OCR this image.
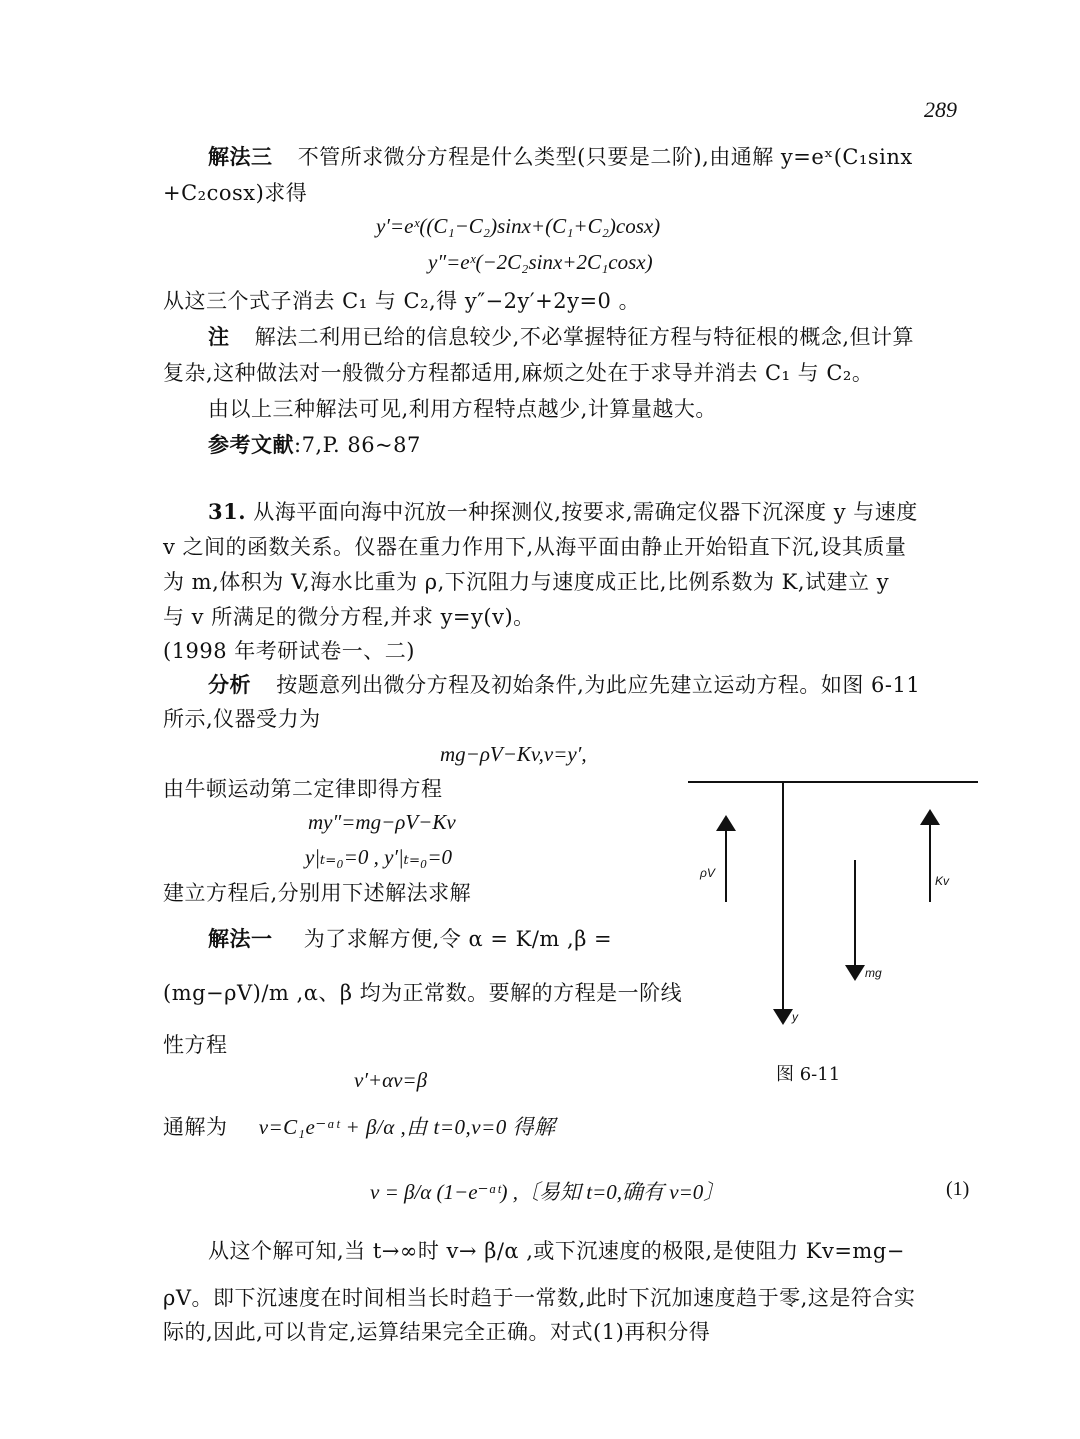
289
解法三 不管所求微分方程是什么类型(只要是二阶),由通解 y=eˣ(C₁sinx
+C₂cosx)求得
y′=eˣ((C₁−C₂)sinx+(C₁+C₂)cosx)
y″=eˣ(−2C₂sinx+2C₁cosx)
从这三个式子消去 C₁ 与 C₂,得 y″−2y′+2y=0 。
注 解法二利用已给的信息较少,不必掌握特征方程与特征根的概念,但计算
复杂,这种做法对一般微分方程都适用,麻烦之处在于求导并消去 C₁ 与 C₂。
由以上三种解法可见,利用方程特点越少,计算量越大。
参考文献:7,P. 86~87
31. 从海平面向海中沉放一种探测仪,按要求,需确定仪器下沉深度 y 与速度
v 之间的函数关系。仪器在重力作用下,从海平面由静止开始铅直下沉,设其质量
为 m,体积为 V,海水比重为 ρ,下沉阻力与速度成正比,比例系数为 K,试建立 y
与 v 所满足的微分方程,并求 y=y(v)。
(1998 年考研试卷一、二)
分析 按题意列出微分方程及初始条件,为此应先建立运动方程。如图 6-11
所示,仪器受力为
mg−ρV−Kv,v=y′,
由牛顿运动第二定律即得方程
my″=mg−ρV−Kv
y|ₜ₌₀=0 , y′|ₜ₌₀=0
建立方程后,分别用下述解法求解
解法一 为了求解方便,令 α = K/m ,β =
(mg−ρV)/m ,α、β 均为正常数。要解的方程是一阶线
性方程
v′+αv=β
通解为 v=C₁e⁻ᵅᵗ + β/α ,由 t=0,v=0 得解
v = β/α (1−e⁻ᵅᵗ) ,〔易知 t=0,确有 v=0〕	(1)
从这个解可知,当 t→∞时 v→ β/α ,或下沉速度的极限,是使阻力 Kv=mg−
ρV。即下沉速度在时间相当长时趋于一常数,此时下沉加速度趋于零,这是符合实
际的,因此,可以肯定,运算结果完全正确。对式(1)再积分得
ρV
Kv
mg
y
图 6-11
